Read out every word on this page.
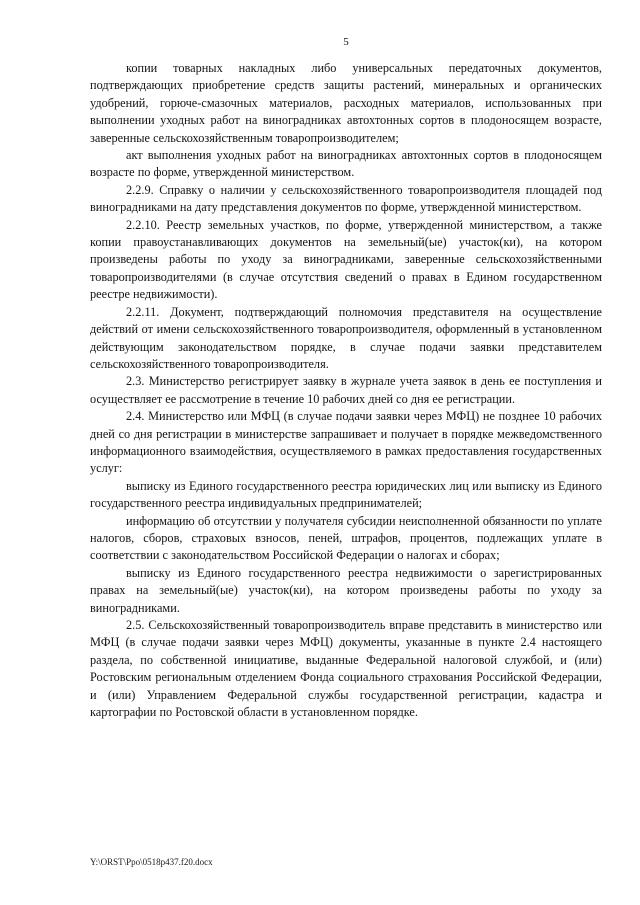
5

копии товарных накладных либо универсальных передаточных документов, подтверждающих приобретение средств защиты растений, минеральных и органических удобрений, горюче-смазочных материалов, расходных материалов, использованных при выполнении уходных работ на виноградниках автохтонных сортов в плодоносящем возрасте, заверенные сельскохозяйственным товаропроизводителем;

акт выполнения уходных работ на виноградниках автохтонных сортов в плодоносящем возрасте по форме, утвержденной министерством.

2.2.9. Справку о наличии у сельскохозяйственного товаропроизводителя площадей под виноградниками на дату представления документов по форме, утвержденной министерством.

2.2.10. Реестр земельных участков, по форме, утвержденной министерством, а также копии правоустанавливающих документов на земельный(ые) участок(ки), на котором произведены работы по уходу за виноградниками, заверенные сельскохозяйственными товаропроизводителями (в случае отсутствия сведений о правах в Едином государственном реестре недвижимости).

2.2.11. Документ, подтверждающий полномочия представителя на осуществление действий от имени сельскохозяйственного товаропроизводителя, оформленный в установленном действующим законодательством порядке, в случае подачи заявки представителем сельскохозяйственного товаропроизводителя.

2.3. Министерство регистрирует заявку в журнале учета заявок в день ее поступления и осуществляет ее рассмотрение в течение 10 рабочих дней со дня ее регистрации.

2.4. Министерство или МФЦ (в случае подачи заявки через МФЦ) не позднее 10 рабочих дней со дня регистрации в министерстве запрашивает и получает в порядке межведомственного информационного взаимодействия, осуществляемого в рамках предоставления государственных услуг:

выписку из Единого государственного реестра юридических лиц или выписку из Единого государственного реестра индивидуальных предпринимателей;

информацию об отсутствии у получателя субсидии неисполненной обязанности по уплате налогов, сборов, страховых взносов, пеней, штрафов, процентов, подлежащих уплате в соответствии с законодательством Российской Федерации о налогах и сборах;

выписку из Единого государственного реестра недвижимости о зарегистрированных правах на земельный(ые) участок(ки), на котором произведены работы по уходу за виноградниками.

2.5. Сельскохозяйственный товаропроизводитель вправе представить в министерство или МФЦ (в случае подачи заявки через МФЦ) документы, указанные в пункте 2.4 настоящего раздела, по собственной инициативе, выданные Федеральной налоговой службой, и (или) Ростовским региональным отделением Фонда социального страхования Российской Федерации, и (или) Управлением Федеральной службы государственной регистрации, кадастра и картографии по Ростовской области в установленном порядке.

Y:\ORST\Ppo\0518p437.f20.docx
